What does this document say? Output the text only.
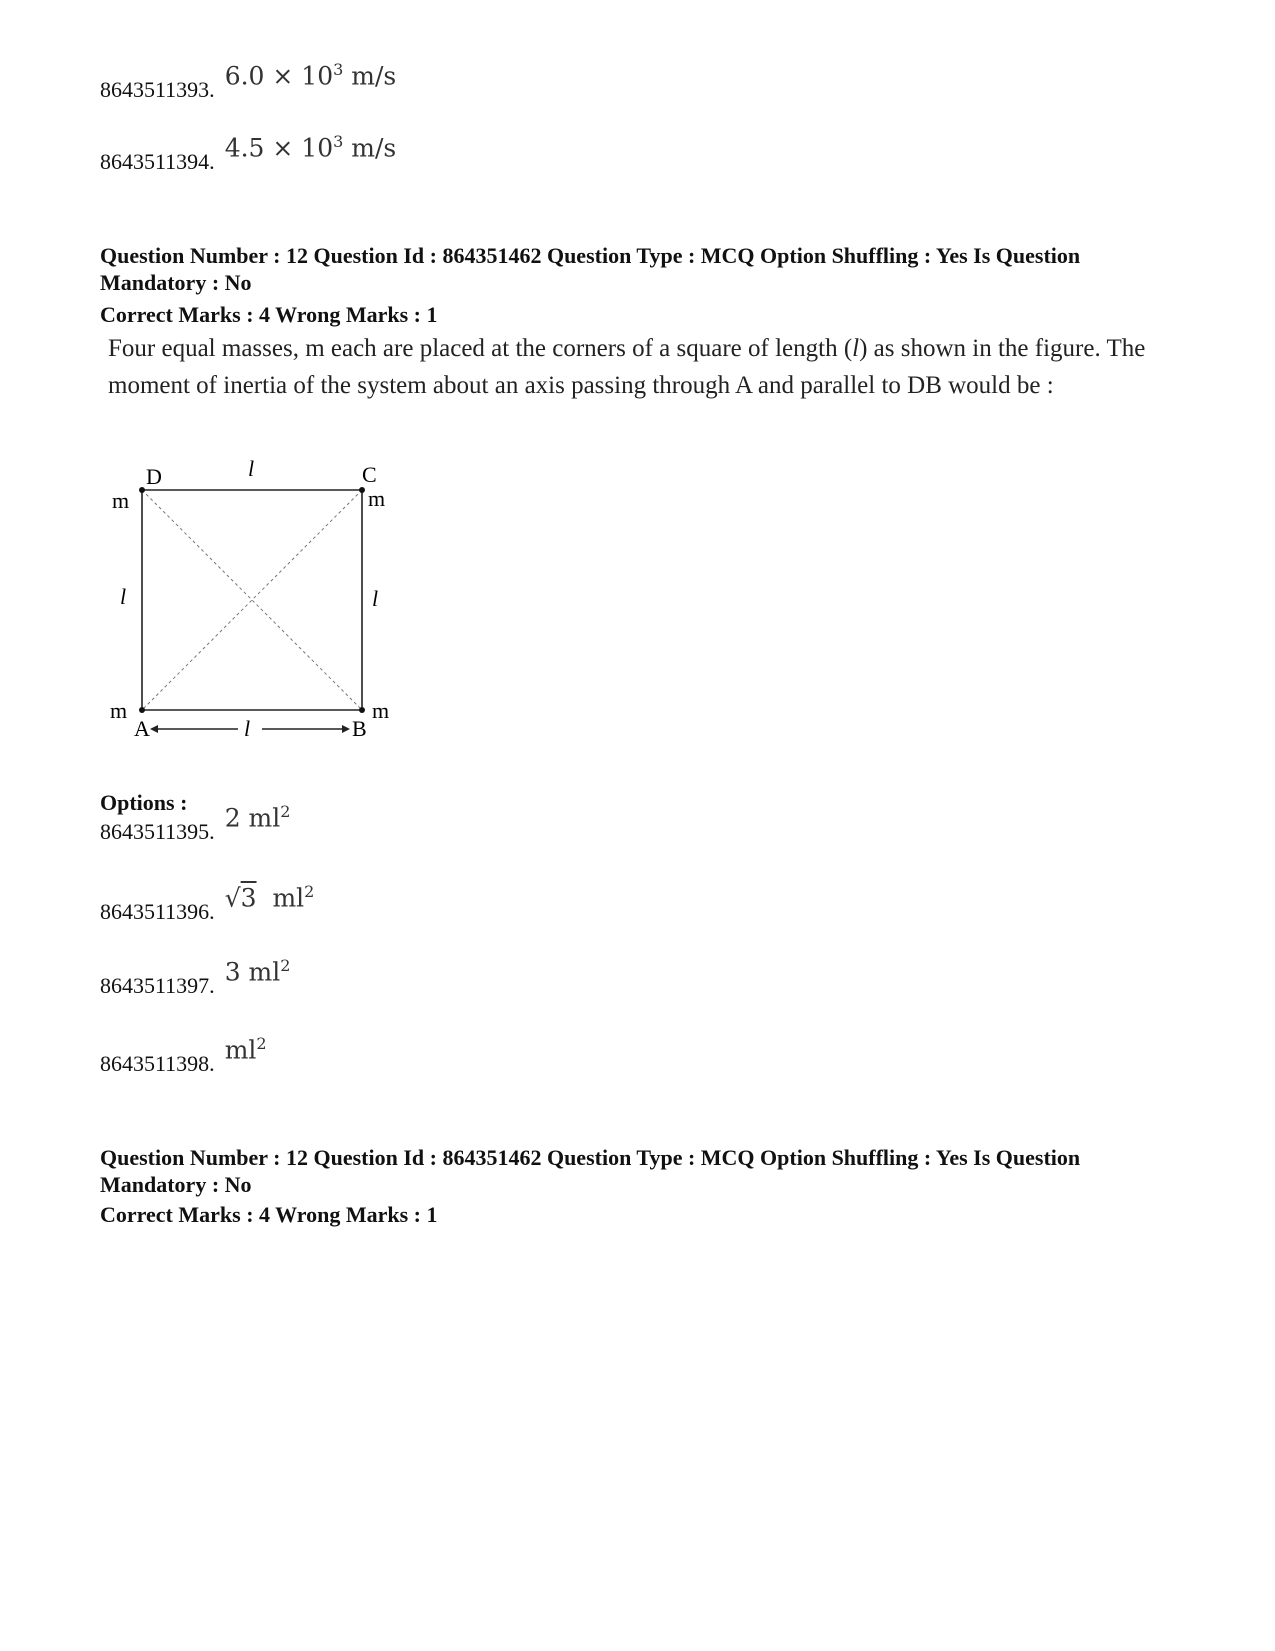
8643511393. $6.0 \times 10^3$ m/s
8643511394. $4.5 \times 10^3$ m/s
Question Number : 12 Question Id : 864351462 Question Type : MCQ Option Shuffling : Yes Is Question
Mandatory : No
Correct Marks : 4 Wrong Marks : 1
Four equal masses, m each are placed at the corners of a square of length (l) as shown in the figure. The moment of inertia of the system about an axis passing through A and parallel to DB would be :
D	C
l
m	m
l	l
m	m
A	B
l
Options :
8643511395. 2 $ml^2$
8643511396. √3 $ml^2$
8643511397. 3 $ml^2$
8643511398. $ml^2$
Question Number : 12 Question Id : 864351462 Question Type : MCQ Option Shuffling : Yes Is Question
Mandatory : No
Correct Marks : 4 Wrong Marks : 1
